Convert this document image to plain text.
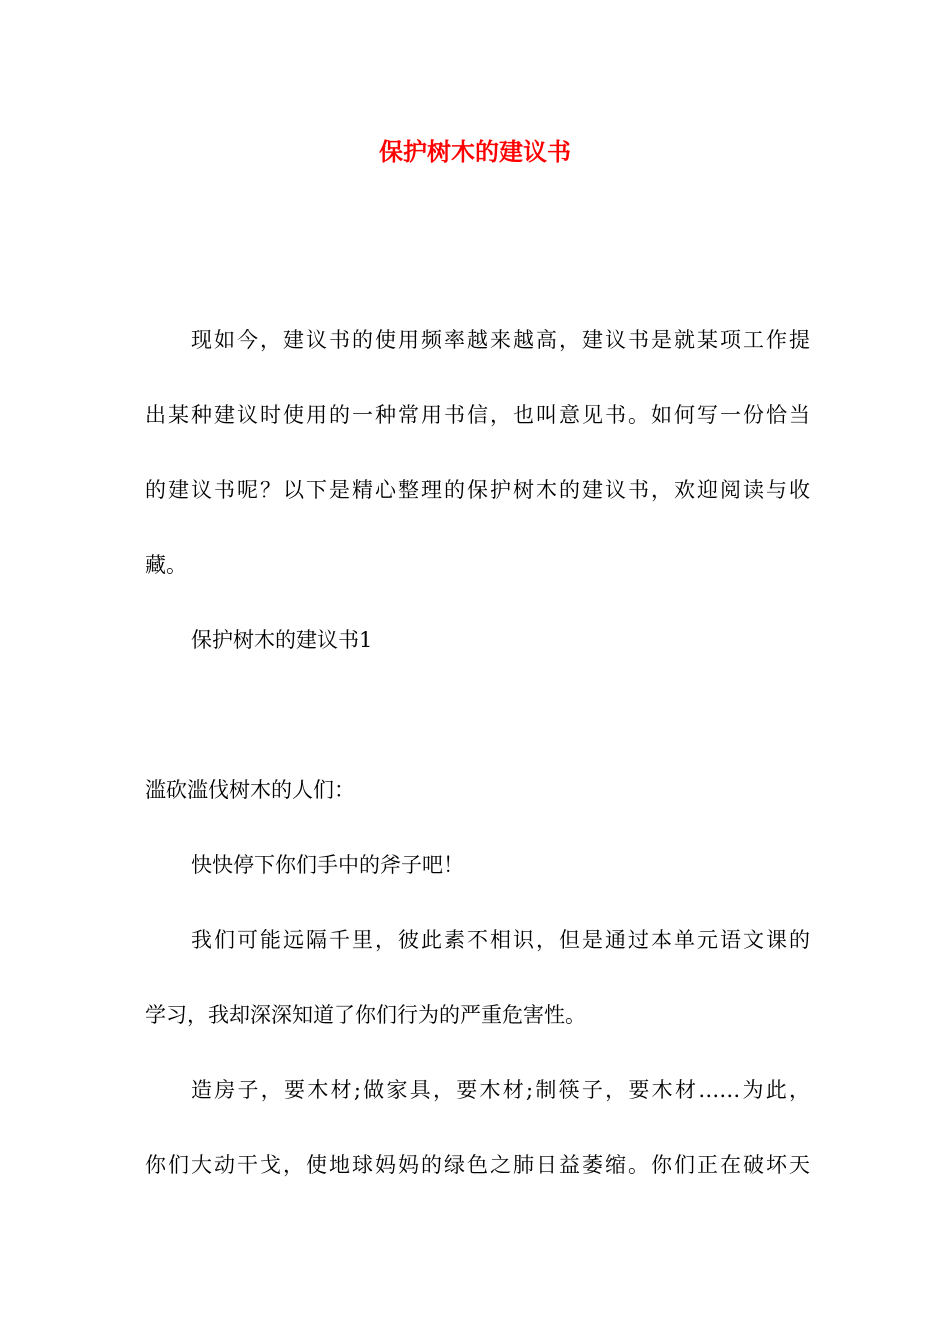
保护树木的建议书
现如今，建议书的使用频率越来越高，建议书是就某项工作提
出某种建议时使用的一种常用书信，也叫意见书。如何写一份恰当
的建议书呢？以下是精心整理的保护树木的建议书，欢迎阅读与收
藏。
保护树木的建议书1
滥砍滥伐树木的人们：
快快停下你们手中的斧子吧！
我们可能远隔千里，彼此素不相识，但是通过本单元语文课的
学习，我却深深知道了你们行为的严重危害性。
造房子，要木材;做家具，要木材;制筷子，要木材……为此，
你们大动干戈，使地球妈妈的绿色之肺日益萎缩。你们正在破坏天
